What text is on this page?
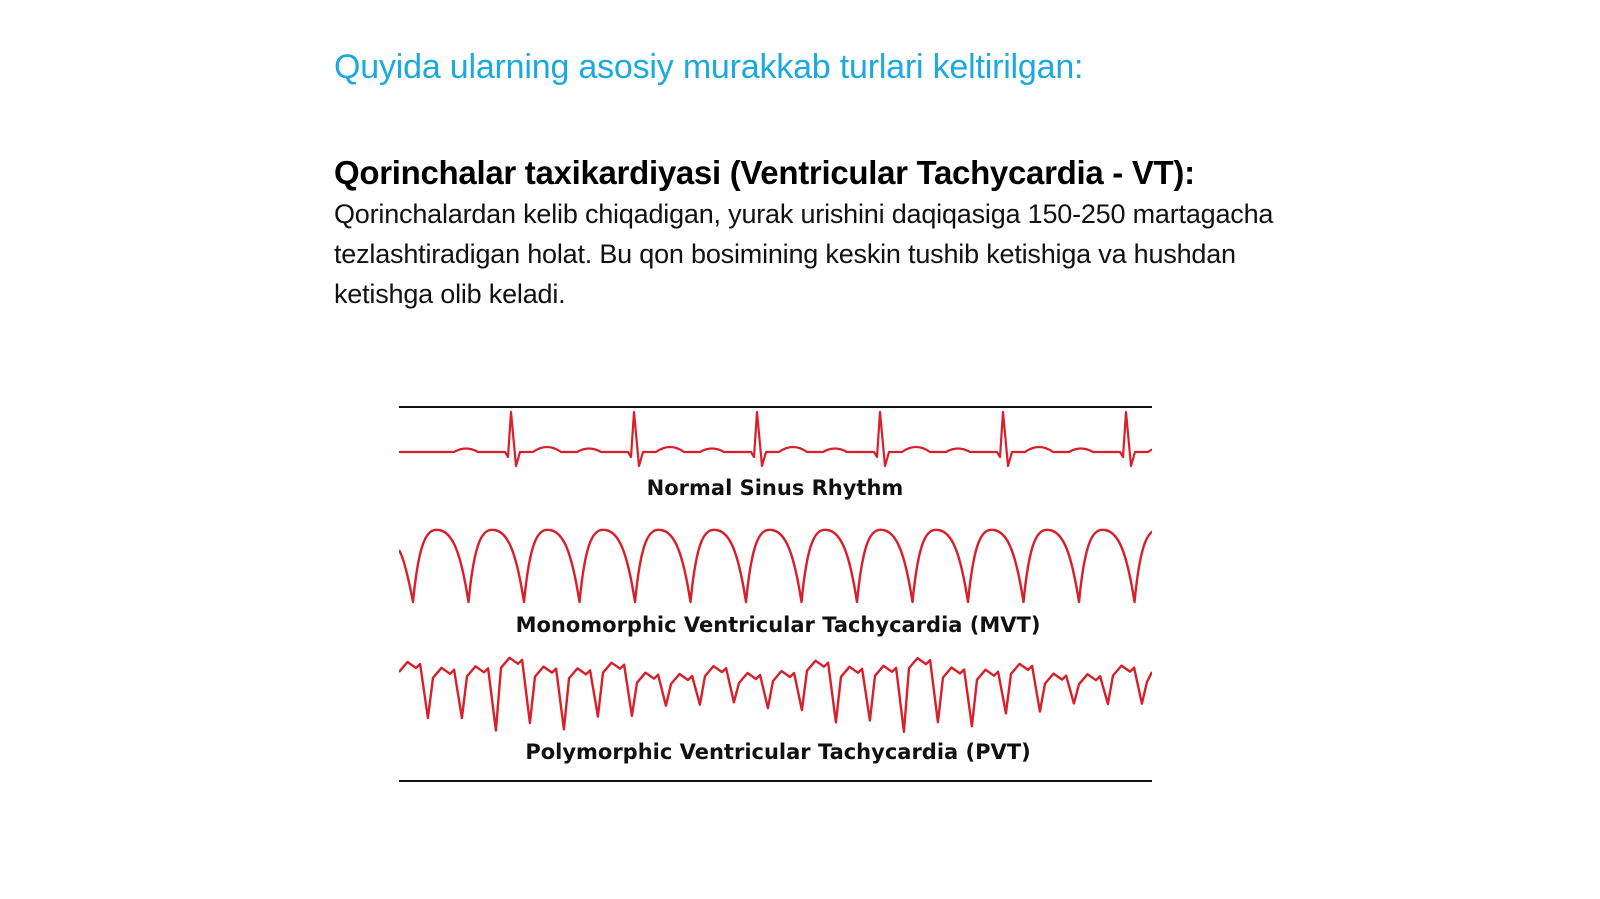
Quyida ularning asosiy murakkab turlari keltirilgan:
Qorinchalar taxikardiyasi (Ventricular Tachycardia - VT):

Qorinchalardan kelib chiqadigan, yurak urishini daqiqasiga 150-250 martagacha tezlashtiradigan holat. Bu qon bosimining keskin tushib ketishiga va hushdan ketishga olib keladi.

Normal Sinus Rhythm
Monomorphic Ventricular Tachycardia (MVT)
Polymorphic Ventricular Tachycardia (PVT)
